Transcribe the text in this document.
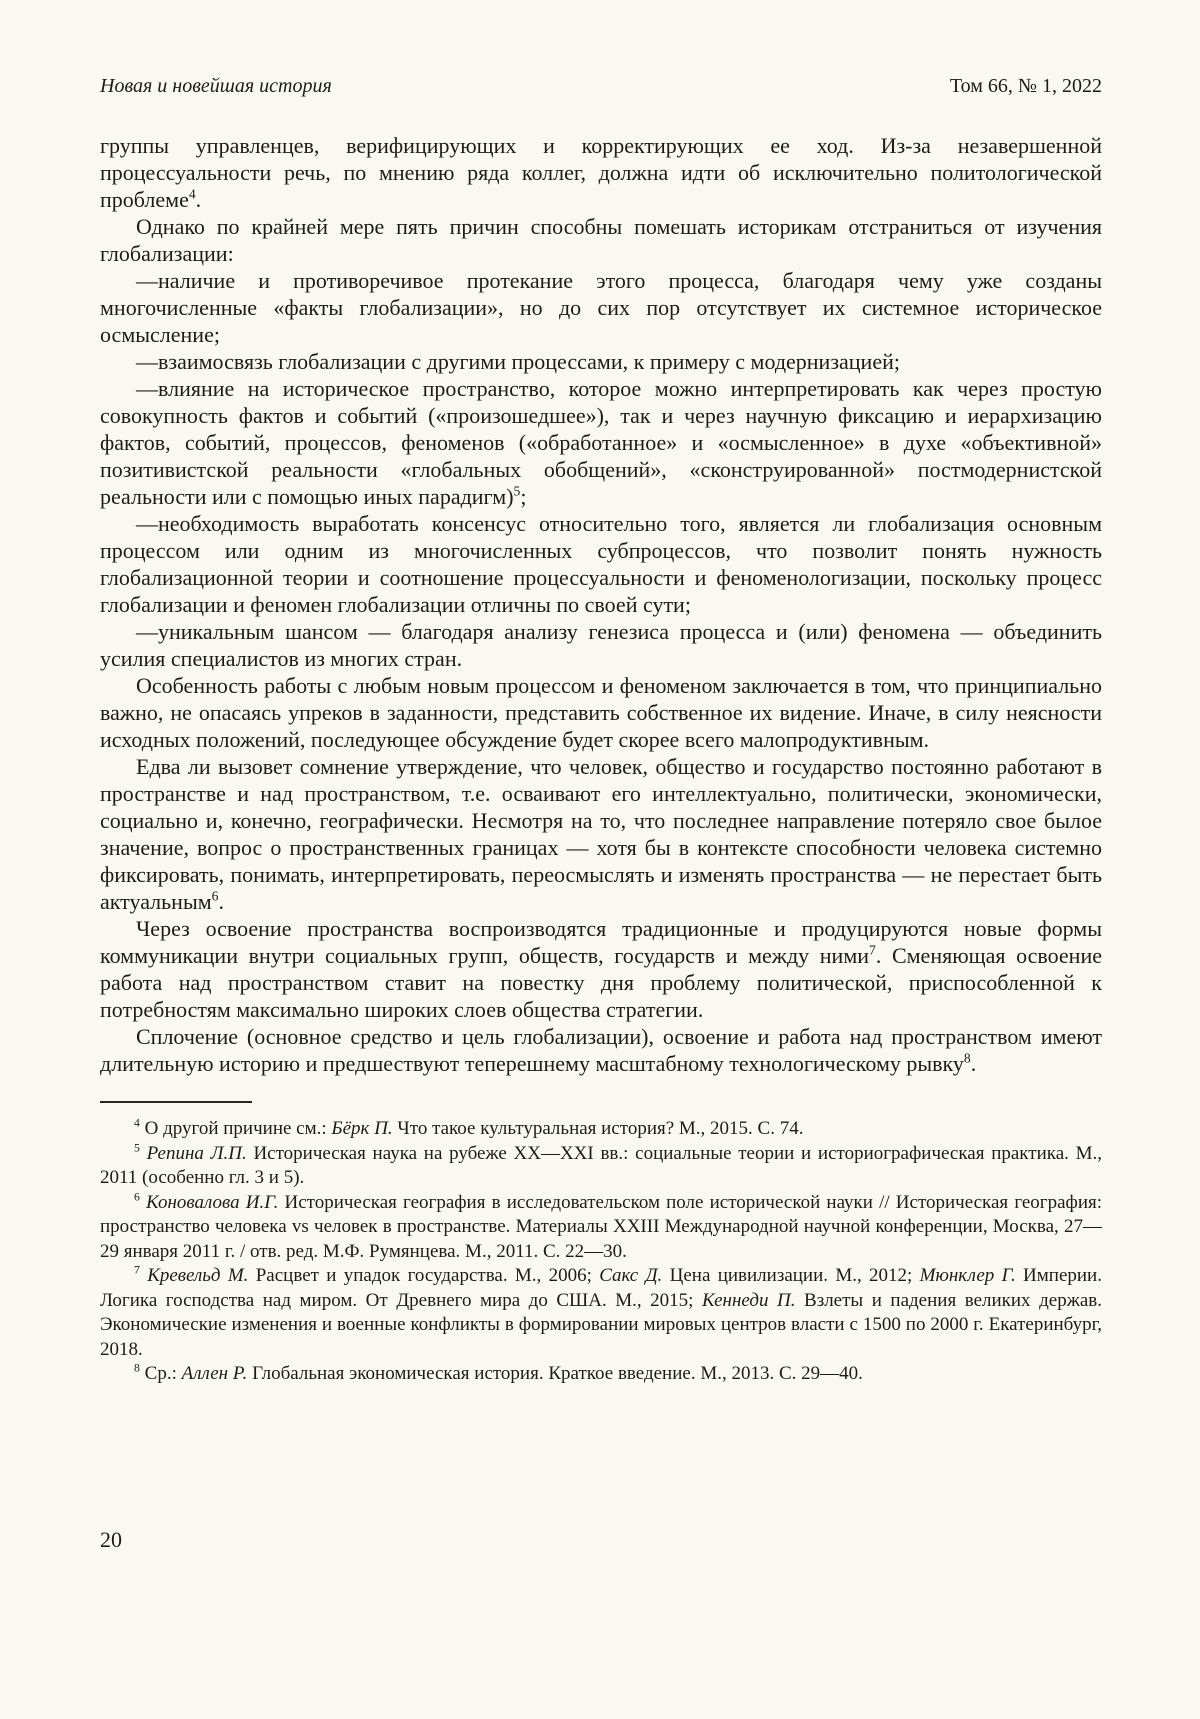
Новая и новейшая история	Том 66, № 1, 2022

группы управленцев, верифицирующих и корректирующих ее ход. Из-за незавершенной процессуальности речь, по мнению ряда коллег, должна идти об исключительно политологической проблеме$^4$.

Однако по крайней мере пять причин способны помешать историкам отстраниться от изучения глобализации:

—наличие и противоречивое протекание этого процесса, благодаря чему уже созданы многочисленные «факты глобализации», но до сих пор отсутствует их системное историческое осмысление;

—взаимосвязь глобализации с другими процессами, к примеру с модернизацией;

—влияние на историческое пространство, которое можно интерпретировать как через простую совокупность фактов и событий («произошедшее»), так и через научную фиксацию и иерархизацию фактов, событий, процессов, феноменов («обработанное» и «осмысленное» в духе «объективной» позитивистской реальности «глобальных обобщений», «сконструированной» постмодернистской реальности или с помощью иных парадигм)$^5$;

—необходимость выработать консенсус относительно того, является ли глобализация основным процессом или одним из многочисленных субпроцессов, что позволит понять нужность глобализационной теории и соотношение процессуальности и феноменологизации, поскольку процесс глобализации и феномен глобализации отличны по своей сути;

—уникальным шансом — благодаря анализу генезиса процесса и (или) феномена — объединить усилия специалистов из многих стран.

Особенность работы с любым новым процессом и феноменом заключается в том, что принципиально важно, не опасаясь упреков в заданности, представить собственное их видение. Иначе, в силу неясности исходных положений, последующее обсуждение будет скорее всего малопродуктивным.

Едва ли вызовет сомнение утверждение, что человек, общество и государство постоянно работают в пространстве и над пространством, т.е. осваивают его интеллектуально, политически, экономически, социально и, конечно, географически. Несмотря на то, что последнее направление потеряло свое былое значение, вопрос о пространственных границах — хотя бы в контексте способности человека системно фиксировать, понимать, интерпретировать, переосмыслять и изменять пространства — не перестает быть актуальным$^6$.

Через освоение пространства воспроизводятся традиционные и продуцируются новые формы коммуникации внутри социальных групп, обществ, государств и между ними$^7$. Сменяющая освоение работа над пространством ставит на повестку дня проблему политической, приспособленной к потребностям максимально широких слоев общества стратегии.

Сплочение (основное средство и цель глобализации), освоение и работа над пространством имеют длительную историю и предшествуют теперешнему масштабному технологическому рывку$^8$.

$^4$ О другой причине см.: Бёрк П. Что такое культуральная история? М., 2015. С. 74.

$^5$ Репина Л.П. Историческая наука на рубеже XX—XXI вв.: социальные теории и историографическая практика. М., 2011 (особенно гл. 3 и 5).

$^6$ Коновалова И.Г. Историческая география в исследовательском поле исторической науки // Историческая география: пространство человека vs человек в пространстве. Материалы XXIII Международной научной конференции, Москва, 27—29 января 2011 г. / отв. ред. М.Ф. Румянцева. М., 2011. С. 22—30.

$^7$ Кревельд М. Расцвет и упадок государства. М., 2006; Сакс Д. Цена цивилизации. М., 2012; Мюнклер Г. Империи. Логика господства над миром. От Древнего мира до США. М., 2015; Кеннеди П. Взлеты и падения великих держав. Экономические изменения и военные конфликты в формировании мировых центров власти с 1500 по 2000 г. Екатеринбург, 2018.

$^8$ Ср.: Аллен Р. Глобальная экономическая история. Краткое введение. М., 2013. С. 29—40.

20
